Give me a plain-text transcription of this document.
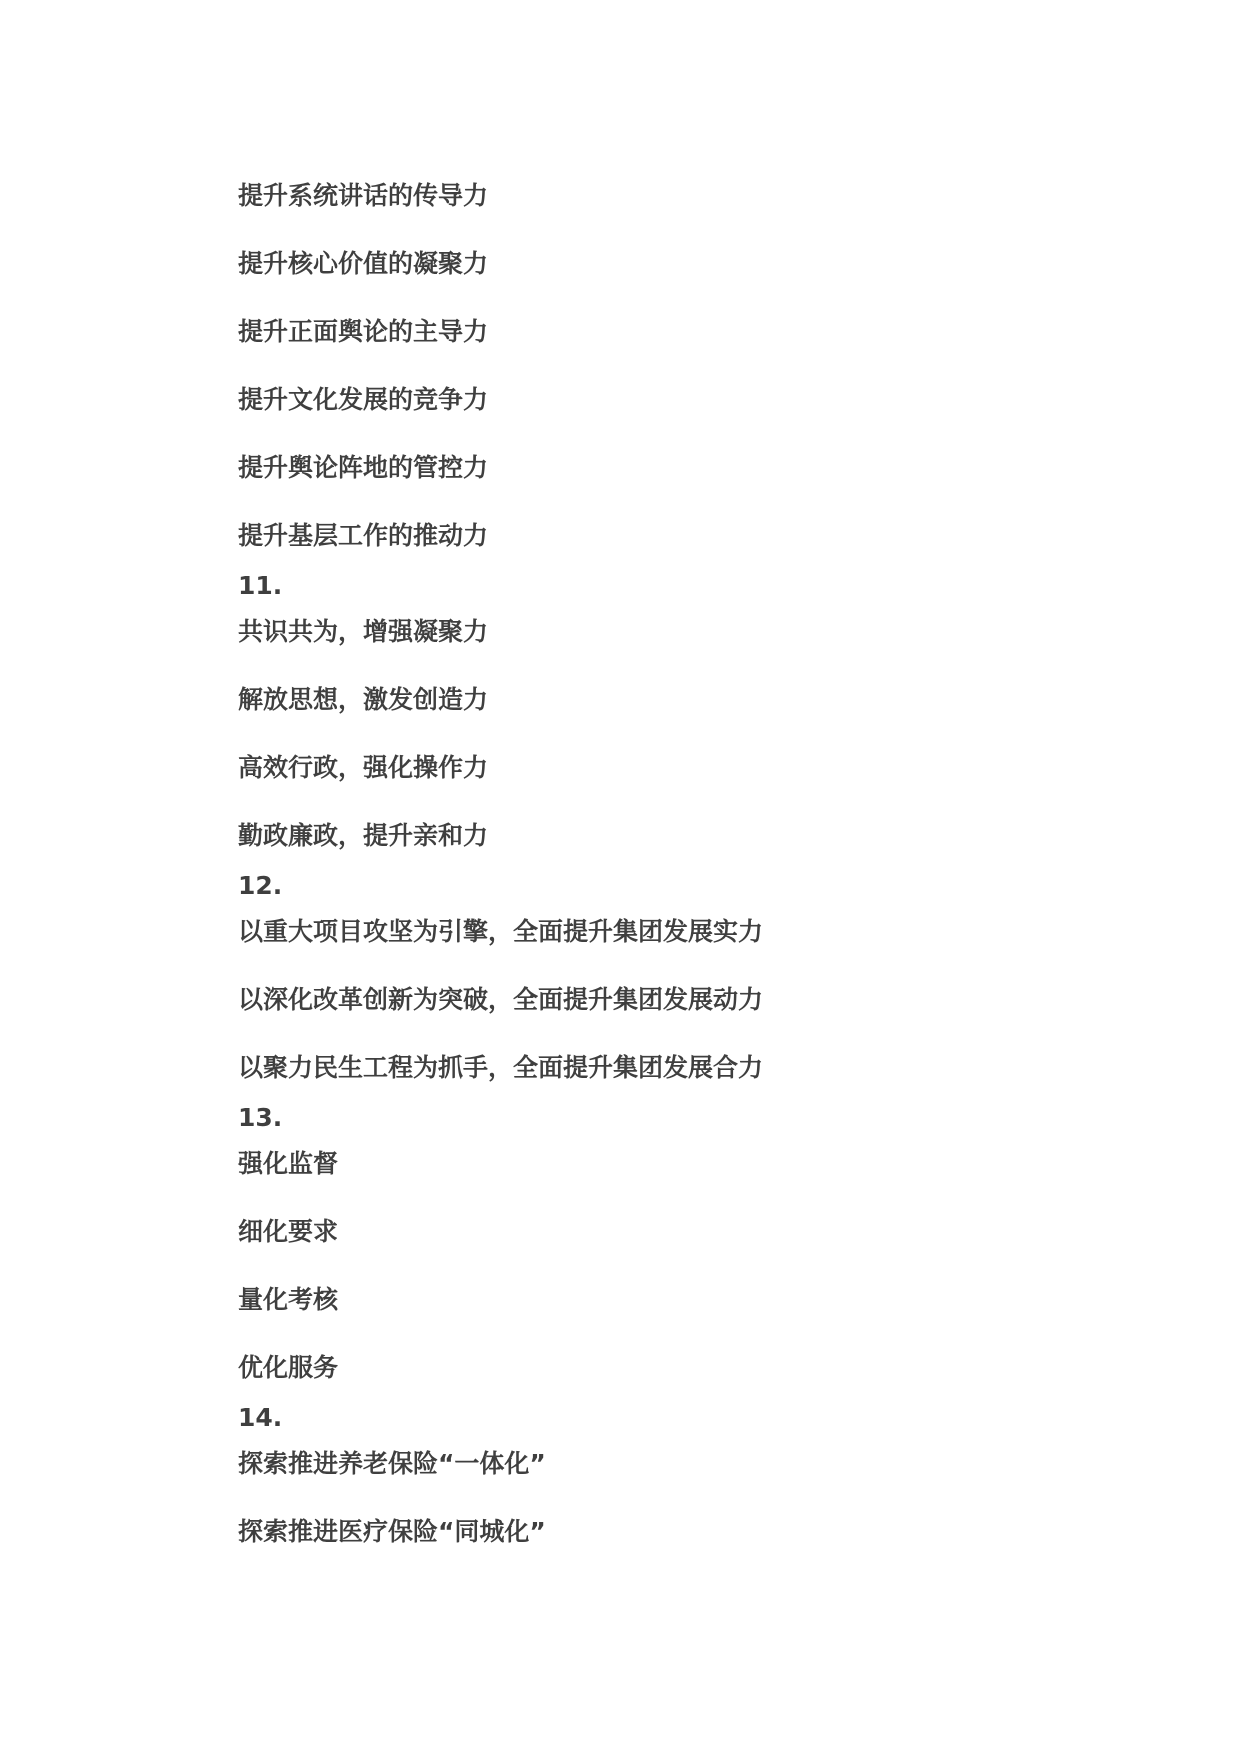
提升系统讲话的传导力

提升核心价值的凝聚力

提升正面舆论的主导力

提升文化发展的竞争力

提升舆论阵地的管控力

提升基层工作的推动力

11.

共识共为，增强凝聚力

解放思想，激发创造力

高效行政，强化操作力

勤政廉政，提升亲和力

12.

以重大项目攻坚为引擎，全面提升集团发展实力

以深化改革创新为突破，全面提升集团发展动力

以聚力民生工程为抓手，全面提升集团发展合力

13.

强化监督

细化要求

量化考核

优化服务

14.

探索推进养老保险“一体化”

探索推进医疗保险“同城化”
